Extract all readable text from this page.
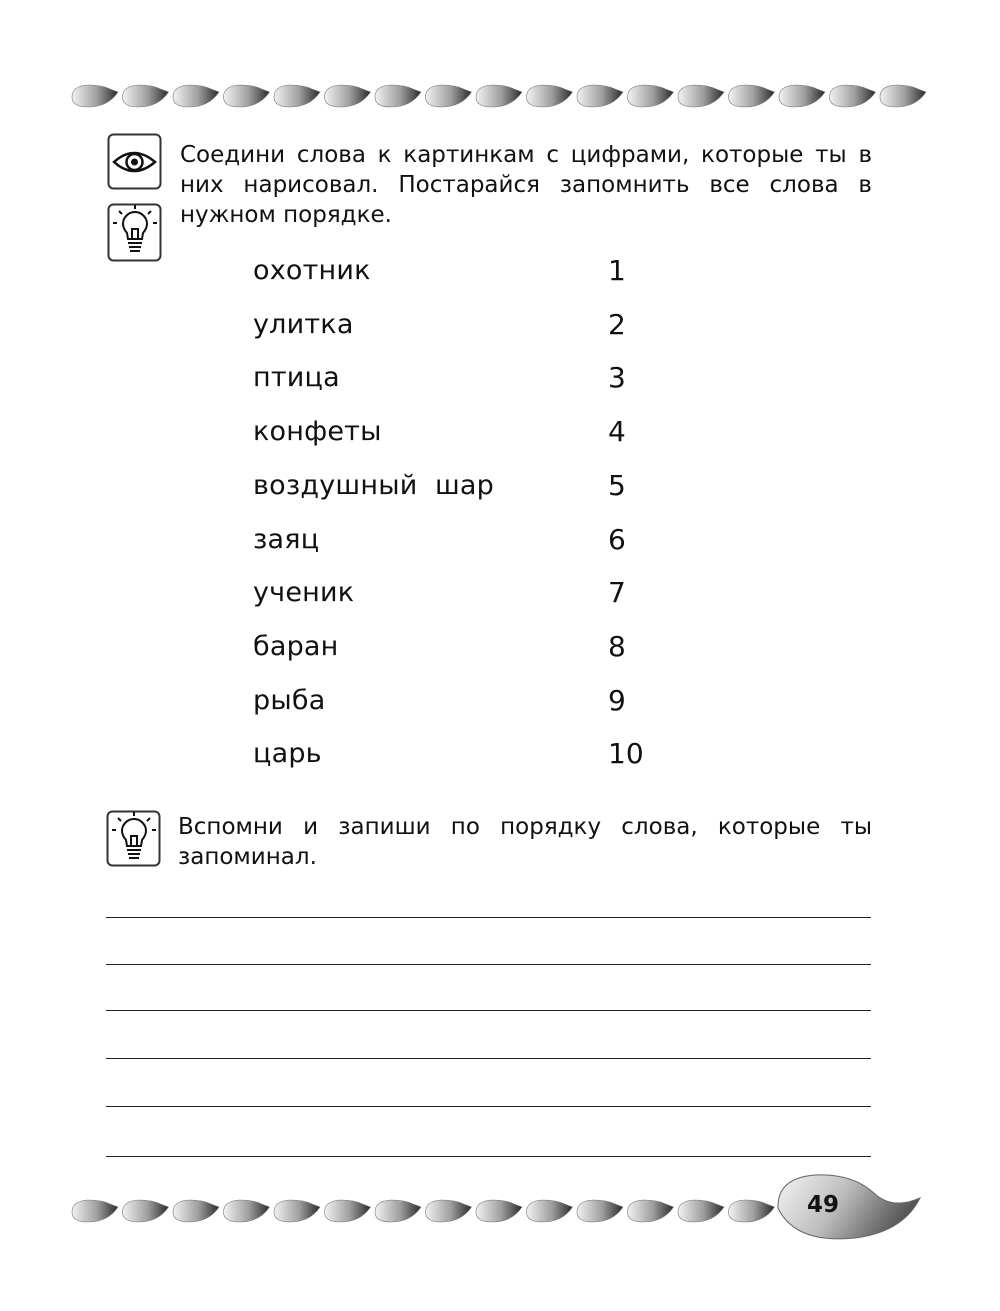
Соедини слова к картинкам с цифрами, которые ты в них нарисовал. Постарайся запомнить все слова в нужном порядке.
охотник	1
улитка	2
птица	3
конфеты	4
воздушный  шар	5
заяц	6
ученик	7
баран	8
рыба	9
царь	10
Вспомни и запиши по порядку слова, которые ты запоминал.
49
